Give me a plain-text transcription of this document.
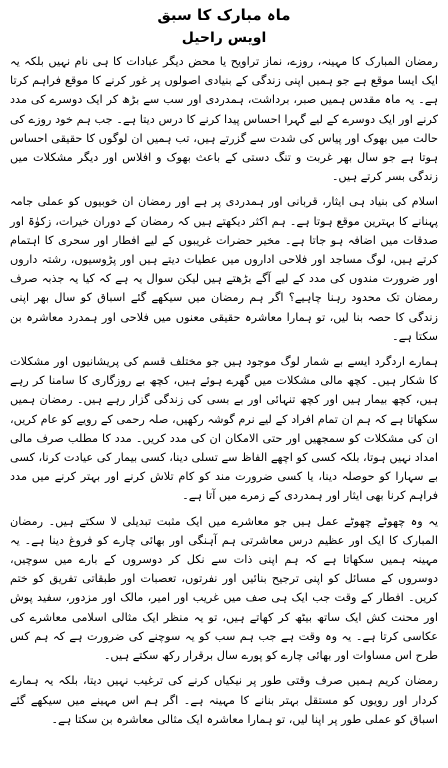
ماہ مبارک کا سبق
اویس راحیل

رمضان المبارک کا مہینہ، روزے، نماز تراویح یا محض دیگر عبادات کا ہی نام نہیں بلکہ یہ ایک ایسا موقع ہے جو ہمیں اپنی زندگی کے بنیادی اصولوں پر غور کرنے کا موقع فراہم کرتا ہے۔ یہ ماہ مقدس ہمیں صبر، برداشت، ہمدردی اور سب سے بڑھ کر ایک دوسرے کی مدد کرنے اور ایک دوسرے کے لیے گہرا احساس پیدا کرنے کا درس دیتا ہے۔ جب ہم خود روزے کی حالت میں بھوک اور پیاس کی شدت سے گزرتے ہیں، تب ہمیں ان لوگوں کا حقیقی احساس ہوتا ہے جو سال بھر غربت و تنگ دستی کے باعث بھوک و افلاس اور دیگر مشکلات میں زندگی بسر کرتے ہیں۔

اسلام کی بنیاد ہی ایثار، قربانی اور ہمدردی پر ہے اور رمضان ان خوبیوں کو عملی جامہ پہنانے کا بہترین موقع ہوتا ہے۔ ہم اکثر دیکھتے ہیں کہ رمضان کے دوران خیرات، زکوٰۃ اور صدقات میں اضافہ ہو جاتا ہے۔ مخیر حضرات غریبوں کے لیے افطار اور سحری کا اہتمام کرتے ہیں، لوگ مساجد اور فلاحی اداروں میں عطیات دیتے ہیں اور پڑوسیوں، رشتہ داروں اور ضرورت مندوں کی مدد کے لیے آگے بڑھتے ہیں لیکن سوال یہ ہے کہ کیا یہ جذبہ صرف رمضان تک محدود رہنا چاہیے؟ اگر ہم رمضان میں سیکھے گئے اسباق کو سال بھر اپنی زندگی کا حصہ بنا لیں، تو ہمارا معاشرہ حقیقی معنوں میں فلاحی اور ہمدرد معاشرہ بن سکتا ہے۔

ہمارے اردگرد ایسے بے شمار لوگ موجود ہیں جو مختلف قسم کی پریشانیوں اور مشکلات کا شکار ہیں۔ کچھ مالی مشکلات میں گھرے ہوئے ہیں، کچھ بے روزگاری کا سامنا کر رہے ہیں، کچھ بیمار ہیں اور کچھ تنہائی اور بے بسی کی زندگی گزار رہے ہیں۔ رمضان ہمیں سکھاتا ہے کہ ہم ان تمام افراد کے لیے نرم گوشہ رکھیں، صلہ رحمی کے رویے کو عام کریں، ان کی مشکلات کو سمجھیں اور حتی الامکان ان کی مدد کریں۔ مدد کا مطلب صرف مالی امداد نہیں ہوتا، بلکہ کسی کو اچھے الفاظ سے تسلی دینا، کسی بیمار کی عیادت کرنا، کسی بے سہارا کو حوصلہ دینا، یا کسی ضرورت مند کو کام تلاش کرنے اور بہتر کرنے میں مدد فراہم کرنا بھی ایثار اور ہمدردی کے زمرے میں آتا ہے۔

یہ وہ چھوٹے چھوٹے عمل ہیں جو معاشرے میں ایک مثبت تبدیلی لا سکتے ہیں۔ رمضان المبارک کا ایک اور عظیم درس معاشرتی ہم آہنگی اور بھائی چارے کو فروغ دینا ہے۔ یہ مہینہ ہمیں سکھاتا ہے کہ ہم اپنی ذات سے نکل کر دوسروں کے بارے میں سوچیں، دوسروں کے مسائل کو اپنی ترجیح بنائیں اور نفرتوں، تعصبات اور طبقاتی تفریق کو ختم کریں۔ افطار کے وقت جب ایک ہی صف میں غریب اور امیر، مالک اور مزدور، سفید پوش اور محنت کش ایک ساتھ بیٹھ کر کھاتے ہیں، تو یہ منظر ایک مثالی اسلامی معاشرے کی عکاسی کرتا ہے۔ یہ وہ وقت ہے جب ہم سب کو یہ سوچنے کی ضرورت ہے کہ ہم کس طرح اس مساوات اور بھائی چارے کو پورے سال برقرار رکھ سکتے ہیں۔

رمضان کریم ہمیں صرف وقتی طور پر نیکیاں کرنے کی ترغیب نہیں دیتا، بلکہ یہ ہمارے کردار اور رویوں کو مستقل بہتر بنانے کا مہینہ ہے۔ اگر ہم اس مہینے میں سیکھے گئے اسباق کو عملی طور پر اپنا لیں، تو ہمارا معاشرہ ایک مثالی معاشرہ بن سکتا ہے۔
